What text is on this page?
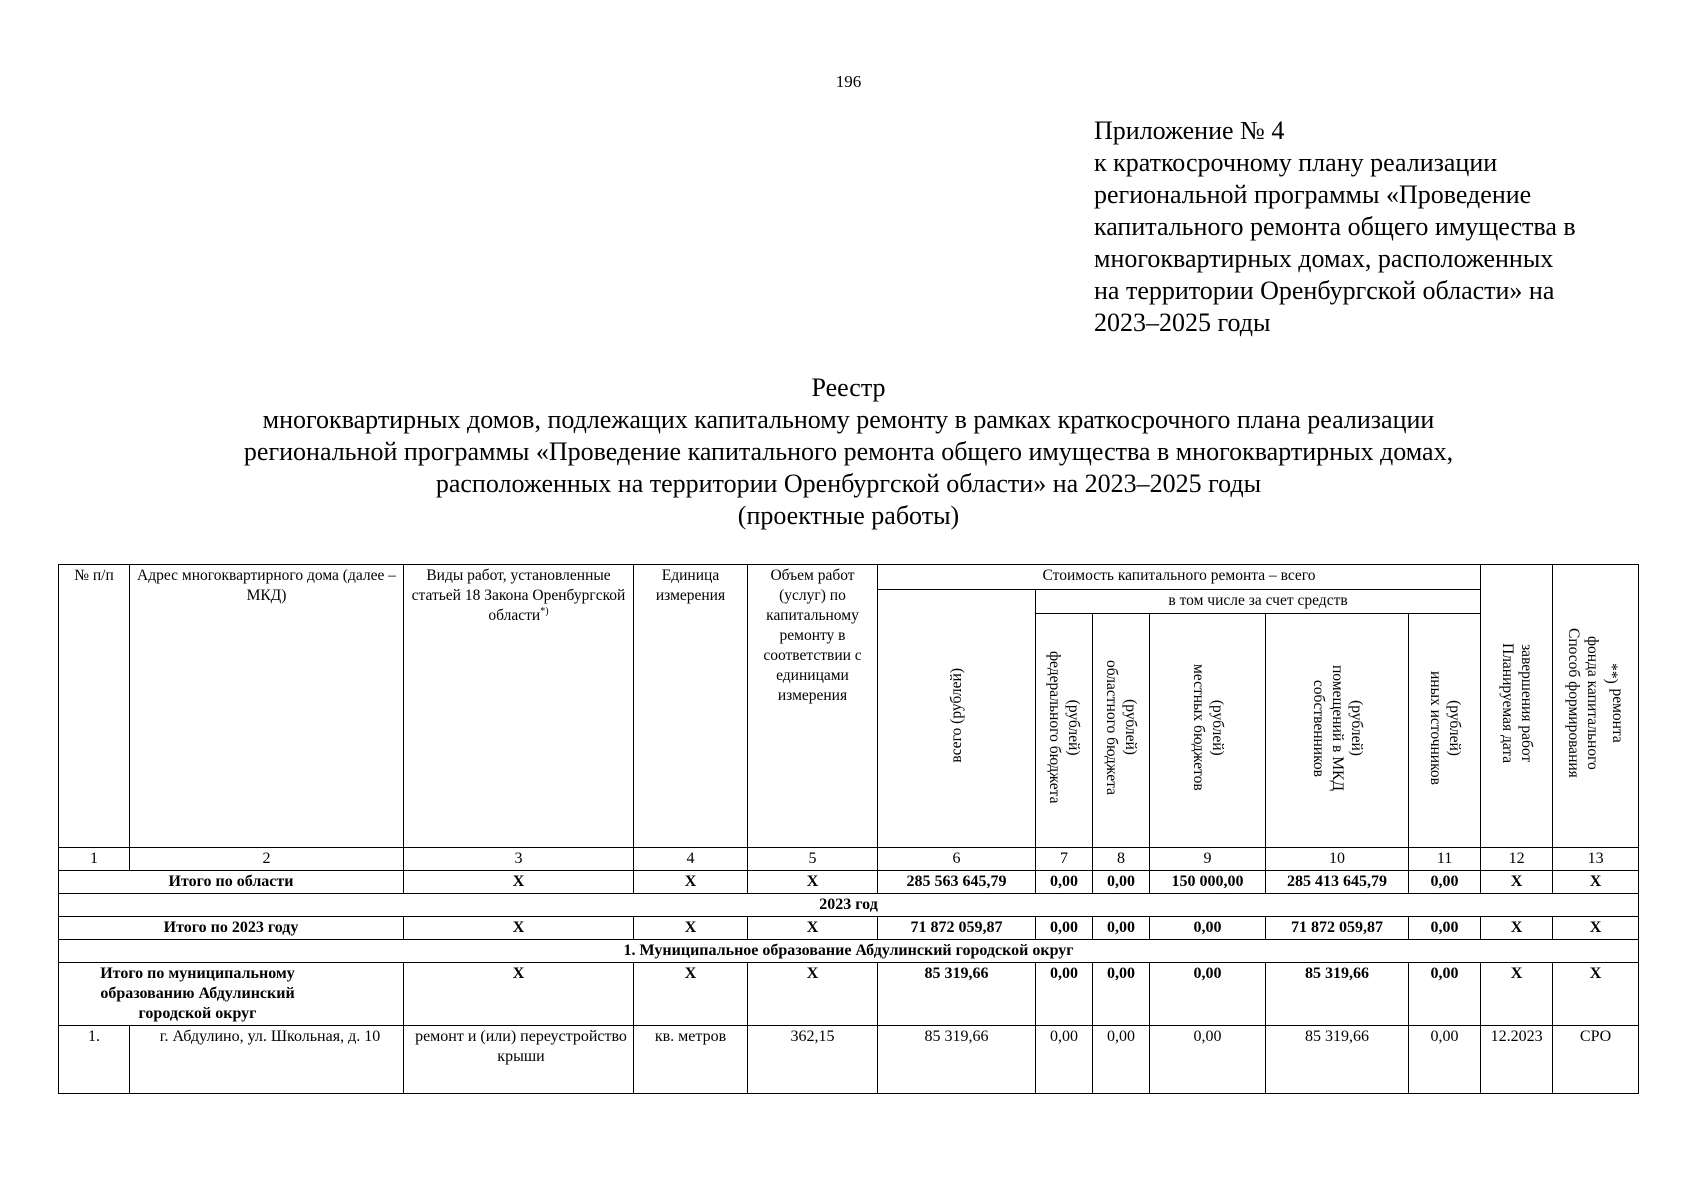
196
Приложение № 4
к краткосрочному плану реализации
региональной программы «Проведение
капитального ремонта общего имущества в
многоквартирных домах, расположенных
на территории Оренбургской области» на
2023–2025 годы
Реестр
многоквартирных домов, подлежащих капитальному ремонту в рамках краткосрочного плана реализации
региональной программы «Проведение капитального ремонта общего имущества в многоквартирных домах,
расположенных на территории Оренбургской области» на 2023–2025 годы
(проектные работы)
№ п/п	Адрес многоквартирного дома (далее – МКД)	Виды работ, установленные статьей 18 Закона Оренбургской области*)	Единица измерения	Объем работ (услуг) по капитальному ремонту в соответствии с единицами измерения	Стоимость капитального ремонта – всего						Планируемая дата завершения работ	Способ формирования фонда капитального ремонта **)
					всего (рублей)	в том числе за счет средств						
						федерального бюджета (рублей)	областного бюджета (рублей)	местных бюджетов (рублей)	собственников помещений в МКД (рублей)	иных источников (рублей)		
1	2	3	4	5	6	7	8	9	10	11	12	13
Итого по области		X	X	X	285 563 645,79	0,00	0,00	150 000,00	285 413 645,79	0,00	X	X
2023 год												
Итого по 2023 году		X	X	X	71 872 059,87	0,00	0,00	0,00	71 872 059,87	0,00	X	X
1. Муниципальное образование Абдулинский городской округ												
Итого по муниципальному образованию Абдулинский городской округ		X	X	X	85 319,66	0,00	0,00	0,00	85 319,66	0,00	X	X
1.	г. Абдулино, ул. Школьная, д. 10	ремонт и (или) переустройство крыши	кв. метров	362,15	85 319,66	0,00	0,00	0,00	85 319,66	0,00	12.2023	СРО
